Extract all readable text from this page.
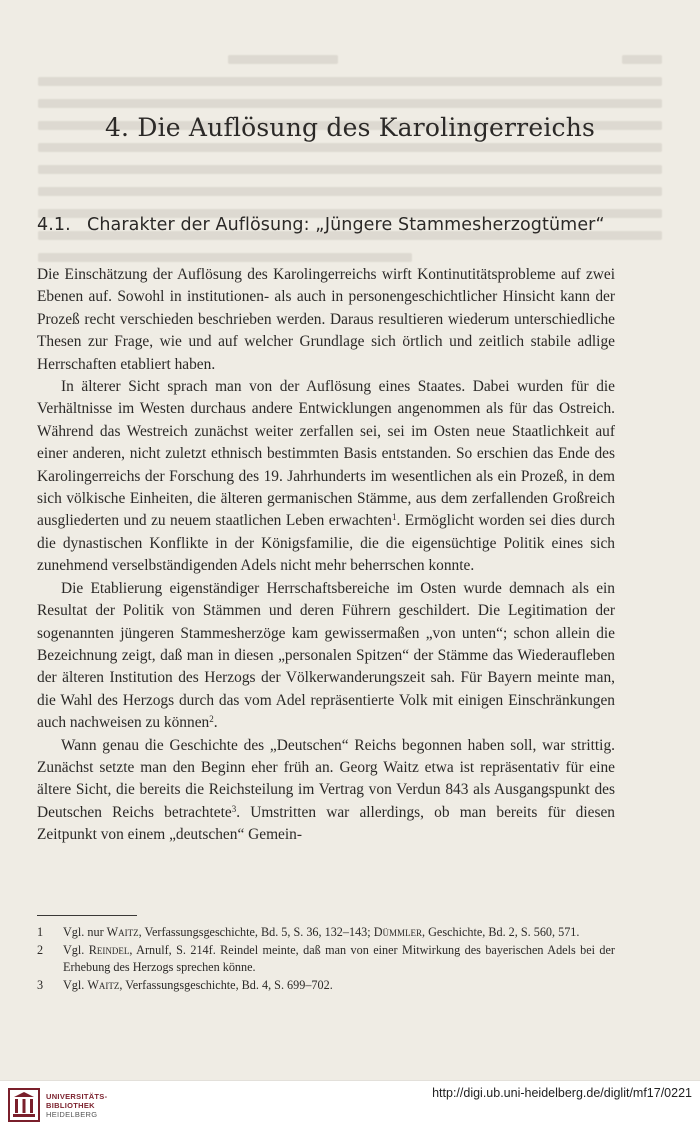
4. Die Auflösung des Karolingerreichs
4.1. Charakter der Auflösung: „Jüngere Stammesherzogtümer“

Die Einschätzung der Auflösung des Karolingerreichs wirft Kontinutitätsprobleme auf zwei Ebenen auf. Sowohl in institutionen- als auch in personengeschichtlicher Hinsicht kann der Prozeß recht verschieden beschrieben werden. Daraus resultieren wiederum unterschiedliche Thesen zur Frage, wie und auf welcher Grundlage sich örtlich und zeitlich stabile adlige Herrschaften etabliert haben.

In älterer Sicht sprach man von der Auflösung eines Staates. Dabei wurden für die Verhältnisse im Westen durchaus andere Entwicklungen angenommen als für das Ostreich. Während das Westreich zunächst weiter zerfallen sei, sei im Osten neue Staatlichkeit auf einer anderen, nicht zuletzt ethnisch bestimmten Basis entstanden. So erschien das Ende des Karolingerreichs der Forschung des 19. Jahrhunderts im wesentlichen als ein Prozeß, in dem sich völkische Einheiten, die älteren germanischen Stämme, aus dem zerfallenden Großreich ausgliederten und zu neuem staatlichen Leben erwachten$^1$. Ermöglicht worden sei dies durch die dynastischen Konflikte in der Königsfamilie, die die eigensüchtige Politik eines sich zunehmend verselbständigenden Adels nicht mehr beherrschen konnte.

Die Etablierung eigenständiger Herrschaftsbereiche im Osten wurde demnach als ein Resultat der Politik von Stämmen und deren Führern geschildert. Die Legitimation der sogenannten jüngeren Stammesherzöge kam gewissermaßen „von unten“; schon allein die Bezeichnung zeigt, daß man in diesen „personalen Spitzen“ der Stämme das Wiederaufleben der älteren Institution des Herzogs der Völkerwanderungszeit sah. Für Bayern meinte man, die Wahl des Herzogs durch das vom Adel repräsentierte Volk mit einigen Einschränkungen auch nachweisen zu können$^2$.

Wann genau die Geschichte des „Deutschen“ Reichs begonnen haben soll, war strittig. Zunächst setzte man den Beginn eher früh an. Georg Waitz etwa ist repräsentativ für eine ältere Sicht, die bereits die Reichsteilung im Vertrag von Verdun 843 als Ausgangspunkt des Deutschen Reichs betrachtete$^3$. Umstritten war allerdings, ob man bereits für diesen Zeitpunkt von einem „deutschen“ Gemein-

1	Vgl. nur Waitz, Verfassungsgeschichte, Bd. 5, S. 36, 132–143; Dümmler, Geschichte, Bd. 2, S. 560, 571.
2	Vgl. Reindel, Arnulf, S. 214f. Reindel meinte, daß man von einer Mitwirkung des bayerischen Adels bei der Erhebung des Herzogs sprechen könne.
3	Vgl. Waitz, Verfassungsgeschichte, Bd. 4, S. 699–702.
UNIVERSITÄTS-
BIBLIOTHEK
HEIDELBERG
http://digi.ub.uni-heidelberg.de/diglit/mf17/0221
